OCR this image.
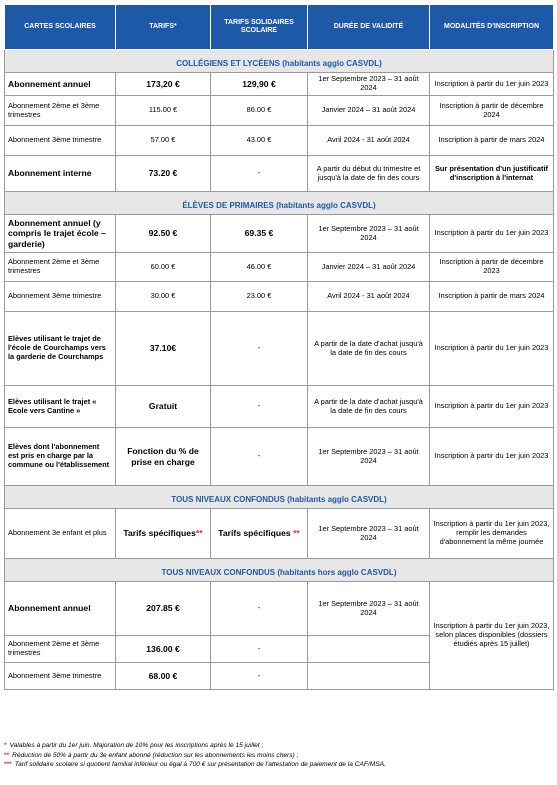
CARTES SCOLAIRES	TARIFS*	TARIFS SOLIDAIRES SCOLAIRE	DURÉE DE VALIDITÉ	MODALITÉS D'INSCRIPTION
COLLÉGIENS ET LYCÉENS (habitants agglo CASVDL)				
Abonnement annuel	173,20 €	129,90 €	1er Septembre 2023 – 31 août 2024	Inscription à partir du 1er juin 2023
Abonnement 2ème et 3ème trimestres	115.00 €	86.00 €	Janvier 2024 – 31 août 2024	Inscription à partir de décembre 2024
Abonnement 3ème trimestre	57.00 €	43.00 €	Avril 2024 - 31 août 2024	Inscription à partir de mars 2024
Abonnement interne	73.20 €	-	A partir du début du trimestre et jusqu'à la date de fin des cours	Sur présentation d'un justificatif d'inscription à l'internat
ÉLÈVES DE PRIMAIRES (habitants agglo CASVDL)				
Abonnement annuel (y compris le trajet école – garderie)	92.50 €	69.35 €	1er Septembre 2023 – 31 août 2024	Inscription à partir du 1er juin 2023
Abonnement 2ème et 3ème trimestres	60.00 €	46.00 €	Janvier 2024 – 31 août 2024	Inscription à partir de décembre 2023
Abonnement 3ème trimestre	30.00 €	23.00 €	Avril 2024 - 31 août 2024	Inscription à partir de mars 2024
Elèves utilisant le trajet de l'école de Courchamps vers la garderie de Courchamps	37.10€	-	A partir de la date d'achat jusqu'à la date de fin des cours	Inscription à partir du 1er juin 2023
Elèves utilisant le trajet « Ecole vers Cantine »	Gratuit	-	A partir de la date d'achat jusqu'à la date de fin des cours	Inscription à partir du 1er juin 2023
Elèves dont l'abonnement est pris en charge par la commune ou l'établissement	Fonction du % de prise en charge	-	1er Septembre 2023 – 31 août 2024	Inscription à partir du 1er juin 2023
TOUS NIVEAUX CONFONDUS (habitants agglo CASVDL)				
Abonnement 3e enfant et plus	Tarifs spécifiques**	Tarifs spécifiques **	1er Septembre 2023 – 31 août 2024	Inscription à partir du 1er juin 2023, remplir les demandes d'abonnement la même journée
TOUS NIVEAUX CONFONDUS (habitants hors agglo CASVDL)				
Abonnement annuel	207.85 €	-	1er Septembre 2023 – 31 août 2024	Inscription à partir du 1er juin 2023, selon places disponibles (dossiers étudiés après 15 juillet)
Abonnement 2ème et 3ème trimestres	136.00 €	-		
Abonnement 3ème trimestre	68.00 €	-		
* Valables à partir du 1er juin. Majoration de 10% pour les inscriptions après le 15 juillet ;
** Réduction de 50% à partir du 3e enfant abonné (réduction sur les abonnements les moins chers) ;
*** Tarif solidaire scolaire si quotient familial inférieur ou égal à 700 € sur présentation de l'attestation de paiement de la CAF/MSA.
